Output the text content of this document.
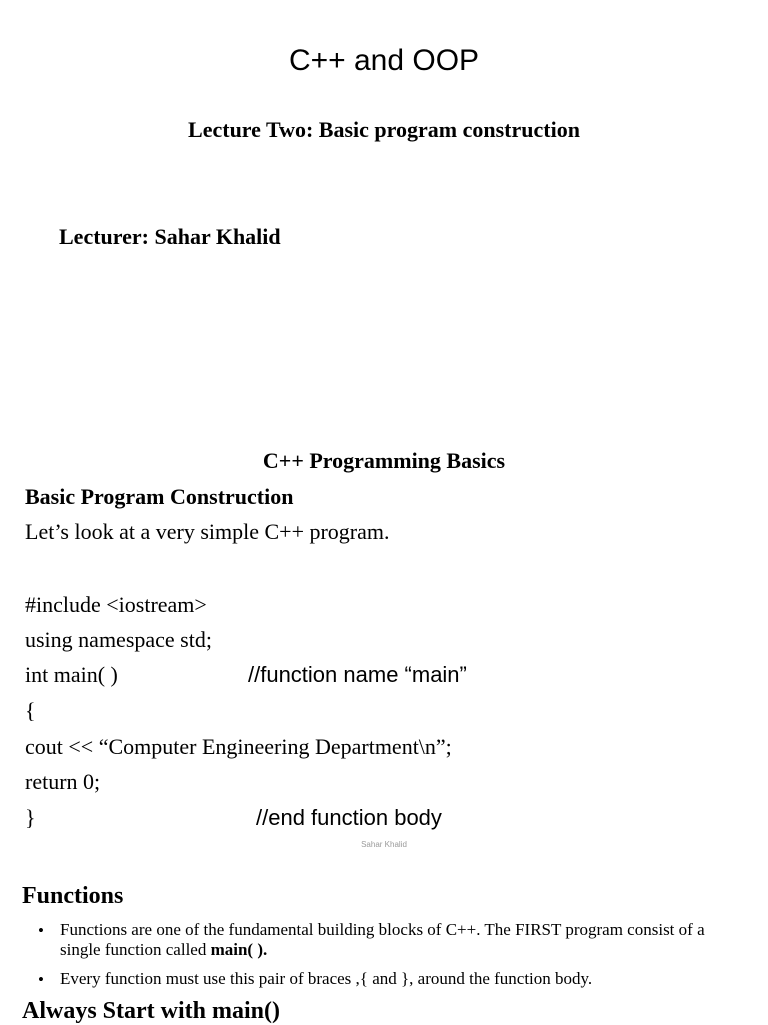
C++ and OOP
Lecture Two: Basic program construction
Lecturer: Sahar Khalid
C++ Programming Basics
Basic Program Construction
Let’s look at a very simple C++ program.
#include <iostream>
using namespace std;
int main( )	//function name “main”
{
cout << “Computer Engineering Department\n”;
return 0;
}	//end function body
Sahar Khalid
Functions
• Functions are one of the fundamental building blocks of C++. The FIRST program consist of a single function called main( ).
• Every function must use this pair of braces ,{ and }, around the function body.
Always Start with main()
